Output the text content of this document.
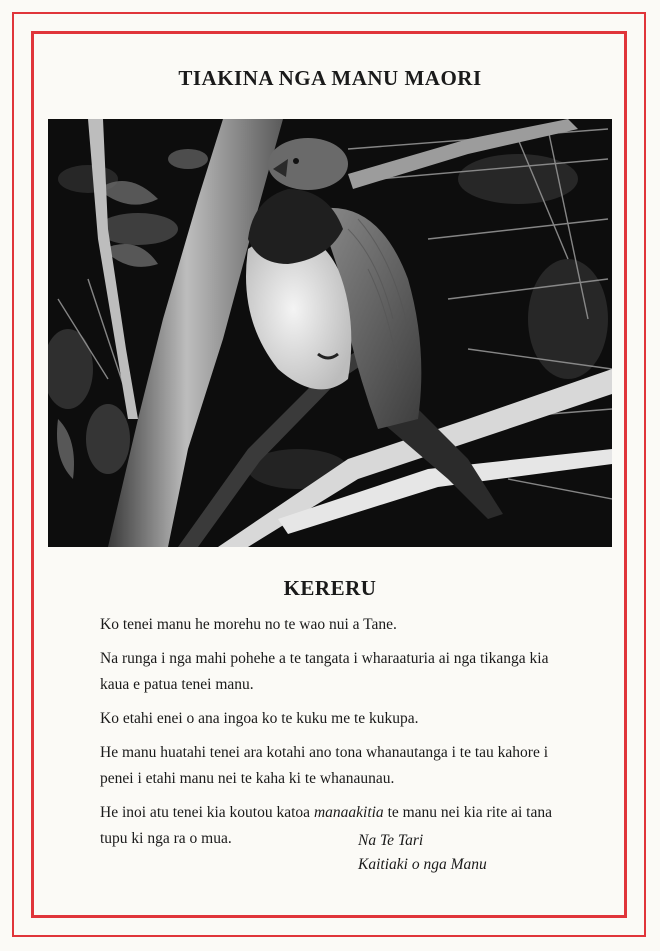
TIAKINA NGA MANU MAORI
KERERU

Ko tenei manu he morehu no te wao nui a Tane.

Na runga i nga mahi pohehe a te tangata i wharaaturia ai nga tikanga kia kaua e patua tenei manu.

Ko etahi enei o ana ingoa ko te kuku me te kukupa.

He manu huatahi tenei ara kotahi ano tona whanautanga i te tau kahore i penei i etahi manu nei te kaha ki te whanaunau.

He inoi atu tenei kia koutou katoa manaakitia te manu nei kia rite ai tana tupu ki nga ra o mua.	Na Te Tari
Kaitiaki o nga Manu
